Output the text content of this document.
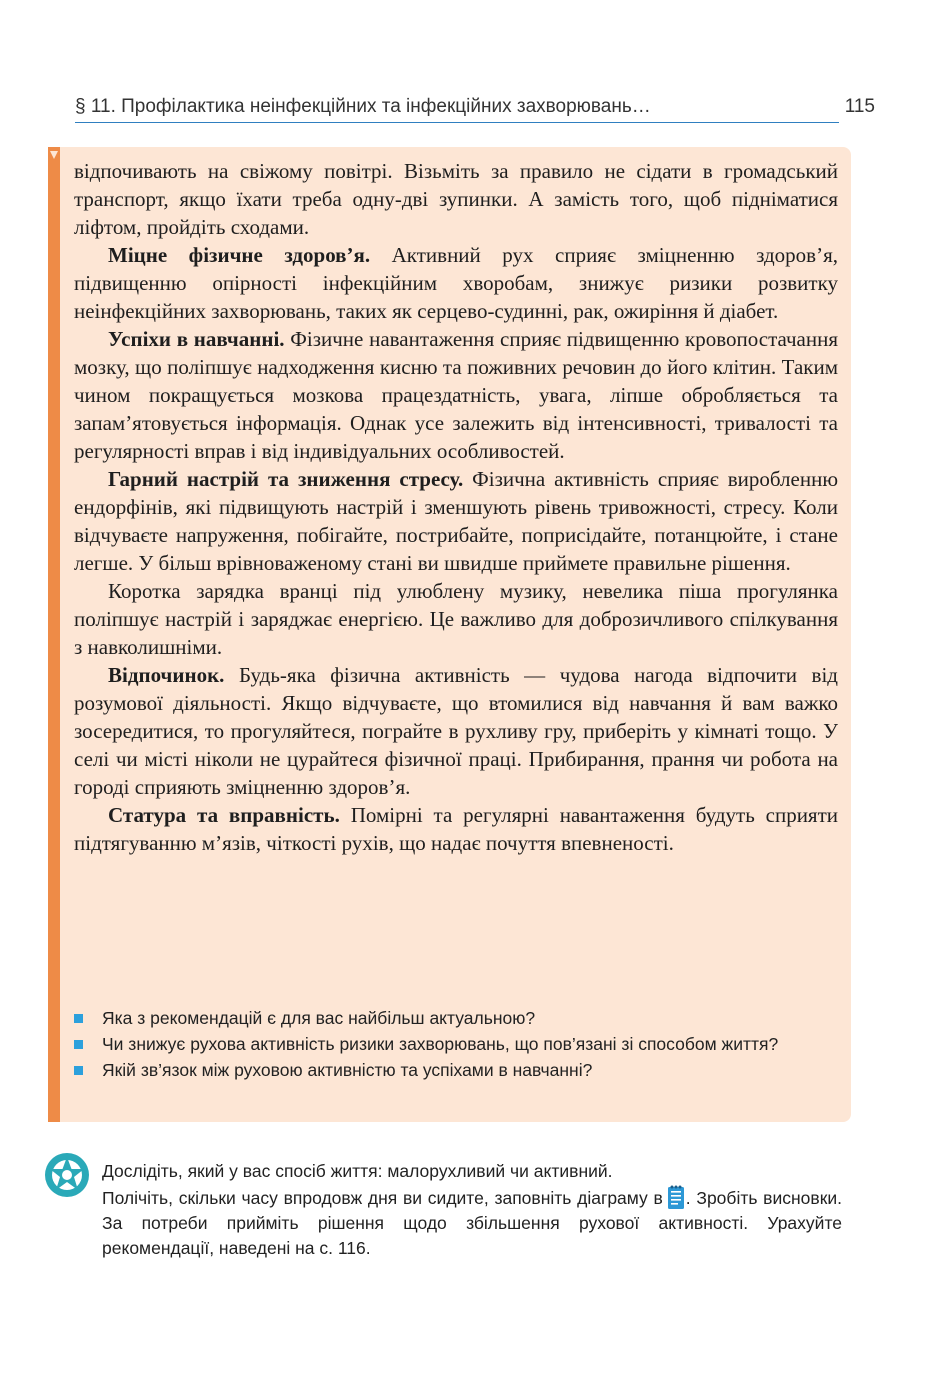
§ 11. Профілактика неінфекційних та інфекційних захворювань…	115

відпочивають на свіжому повітрі. Візьміть за правило не сідати в громадський транспорт, якщо їхати треба одну-дві зупинки. А замість того, щоб підніматися ліфтом, пройдіть сходами.

Міцне фізичне здоров’я. Активний рух сприяє зміцненню здоров’я, підвищенню опірності інфекційним хворобам, знижує ризики розвитку неінфекційних захворювань, таких як серцево-судинні, рак, ожиріння й діабет.

Успіхи в навчанні. Фізичне навантаження сприяє підвищенню кровопостачання мозку, що поліпшує надходження кисню та поживних речовин до його клітин. Таким чином покращується мозкова працездатність, увага, ліпше обробляється та запам’ятовується інформація. Однак усе залежить від інтенсивності, тривалості та регулярності вправ і від індивідуальних особливостей.

Гарний настрій та зниження стресу. Фізична активність сприяє виробленню ендорфінів, які підвищують настрій і зменшують рівень тривожності, стресу. Коли відчуваєте напруження, побігайте, пострибайте, поприсідайте, потанцюйте, і стане легше. У більш врівноваженому стані ви швидше приймете правильне рішення.

Коротка зарядка вранці під улюблену музику, невелика піша прогулянка поліпшує настрій і заряджає енергією. Це важливо для доброзичливого спілкування з навколишніми.

Відпочинок. Будь-яка фізична активність — чудова нагода відпочити від розумової діяльності. Якщо відчуваєте, що втомилися від навчання й вам важко зосередитися, то прогуляйтеся, пограйте в рухливу гру, приберіть у кімнаті тощо. У селі чи місті ніколи не цурайтеся фізичної праці. Прибирання, прання чи робота на городі сприяють зміцненню здоров’я.

Статура та вправність. Помірні та регулярні навантаження будуть сприяти підтягуванню м’язів, чіткості рухів, що надає почуття впевненості.

Яка з рекомендацій є для вас найбільш актуальною?
Чи знижує рухова активність ризики захворювань, що пов’язані зі способом життя?
Якій зв’язок між руховою активністю та успіхами в навчанні?

Дослідіть, який у вас спосіб життя: малорухливий чи активний.

Полічіть, скільки часу впродовж дня ви сидите, заповніть діаграму в . Зробіть висновки. За потреби прийміть рішення щодо збільшення рухової активності. Урахуйте рекомендації, наведені на с. 116.
